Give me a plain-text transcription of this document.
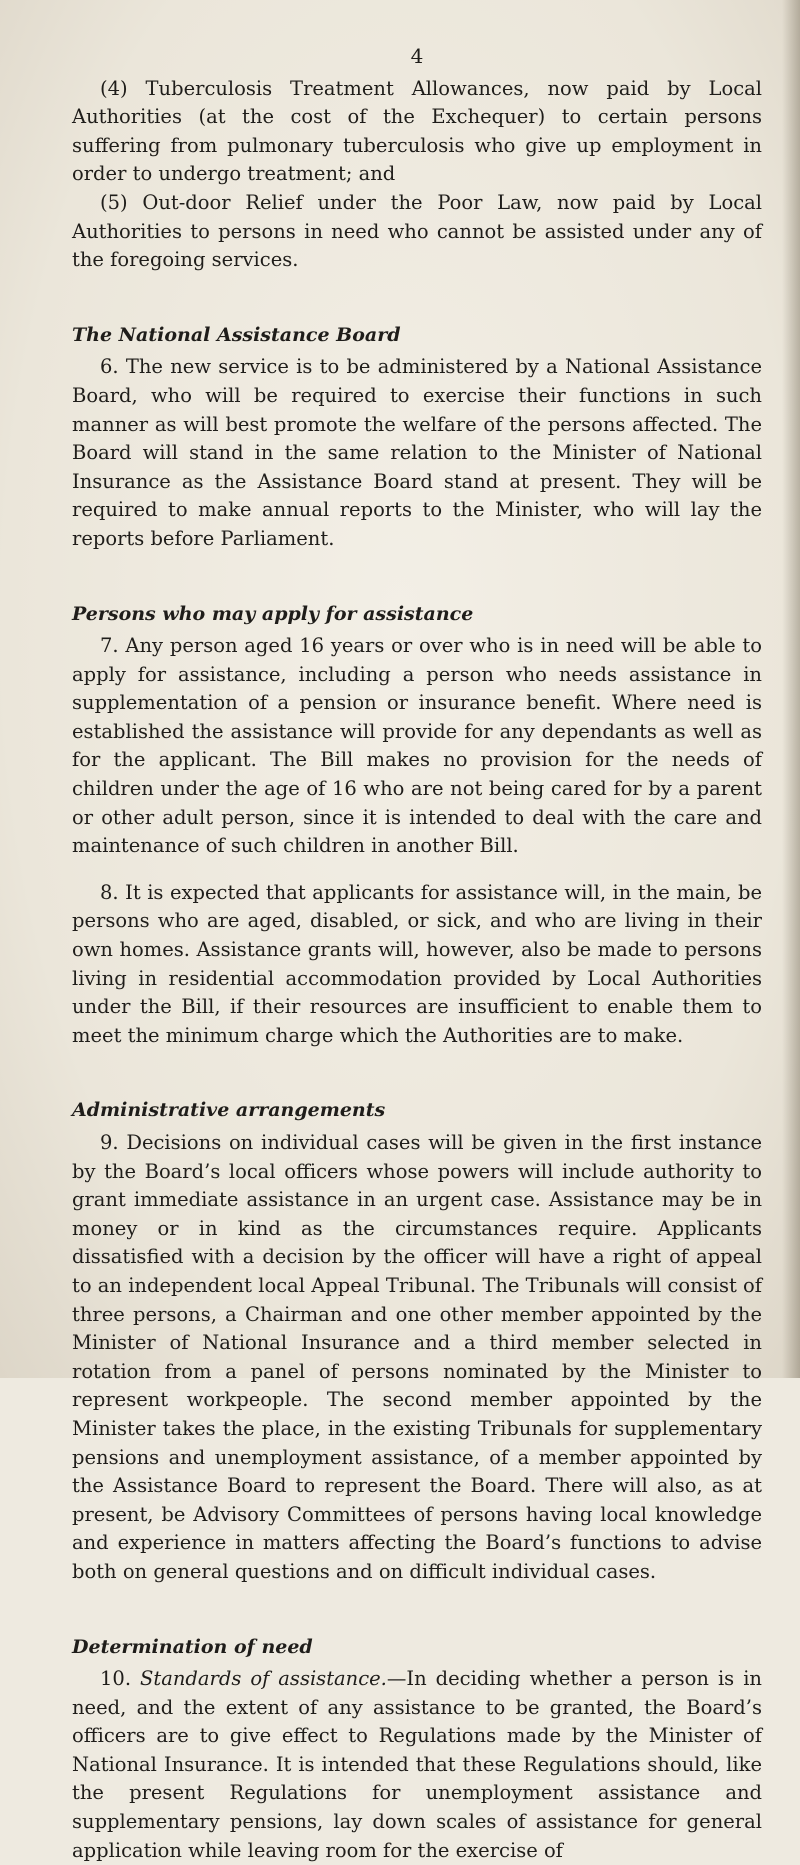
4

(4) Tuberculosis Treatment Allowances, now paid by Local Authorities (at the cost of the Exchequer) to certain persons suffering from pulmonary tuberculosis who give up employment in order to undergo treatment; and

(5) Out-door Relief under the Poor Law, now paid by Local Authorities to persons in need who cannot be assisted under any of the foregoing services.

The National Assistance Board

6. The new service is to be administered by a National Assistance Board, who will be required to exercise their functions in such manner as will best promote the welfare of the persons affected. The Board will stand in the same relation to the Minister of National Insurance as the Assistance Board stand at present. They will be required to make annual reports to the Minister, who will lay the reports before Parliament.

Persons who may apply for assistance

7. Any person aged 16 years or over who is in need will be able to apply for assistance, including a person who needs assistance in supplementation of a pension or insurance benefit. Where need is established the assistance will provide for any dependants as well as for the applicant. The Bill makes no provision for the needs of children under the age of 16 who are not being cared for by a parent or other adult person, since it is intended to deal with the care and maintenance of such children in another Bill.

8. It is expected that applicants for assistance will, in the main, be persons who are aged, disabled, or sick, and who are living in their own homes. Assistance grants will, however, also be made to persons living in residential accommodation provided by Local Authorities under the Bill, if their resources are insufficient to enable them to meet the minimum charge which the Authorities are to make.

Administrative arrangements

9. Decisions on individual cases will be given in the first instance by the Board’s local officers whose powers will include authority to grant immediate assistance in an urgent case. Assistance may be in money or in kind as the circumstances require. Applicants dissatisfied with a decision by the officer will have a right of appeal to an independent local Appeal Tribunal. The Tribunals will consist of three persons, a Chairman and one other member appointed by the Minister of National Insurance and a third member selected in rotation from a panel of persons nominated by the Minister to represent workpeople. The second member appointed by the Minister takes the place, in the existing Tribunals for supplementary pensions and unemployment assistance, of a member appointed by the Assistance Board to represent the Board. There will also, as at present, be Advisory Committees of persons having local knowledge and experience in matters affecting the Board’s functions to advise both on general questions and on difficult individual cases.

Determination of need

10. Standards of assistance.—In deciding whether a person is in need, and the extent of any assistance to be granted, the Board’s officers are to give effect to Regulations made by the Minister of National Insurance. It is intended that these Regulations should, like the present Regulations for unemployment assistance and supplementary pensions, lay down scales of assistance for general application while leaving room for the exercise of
